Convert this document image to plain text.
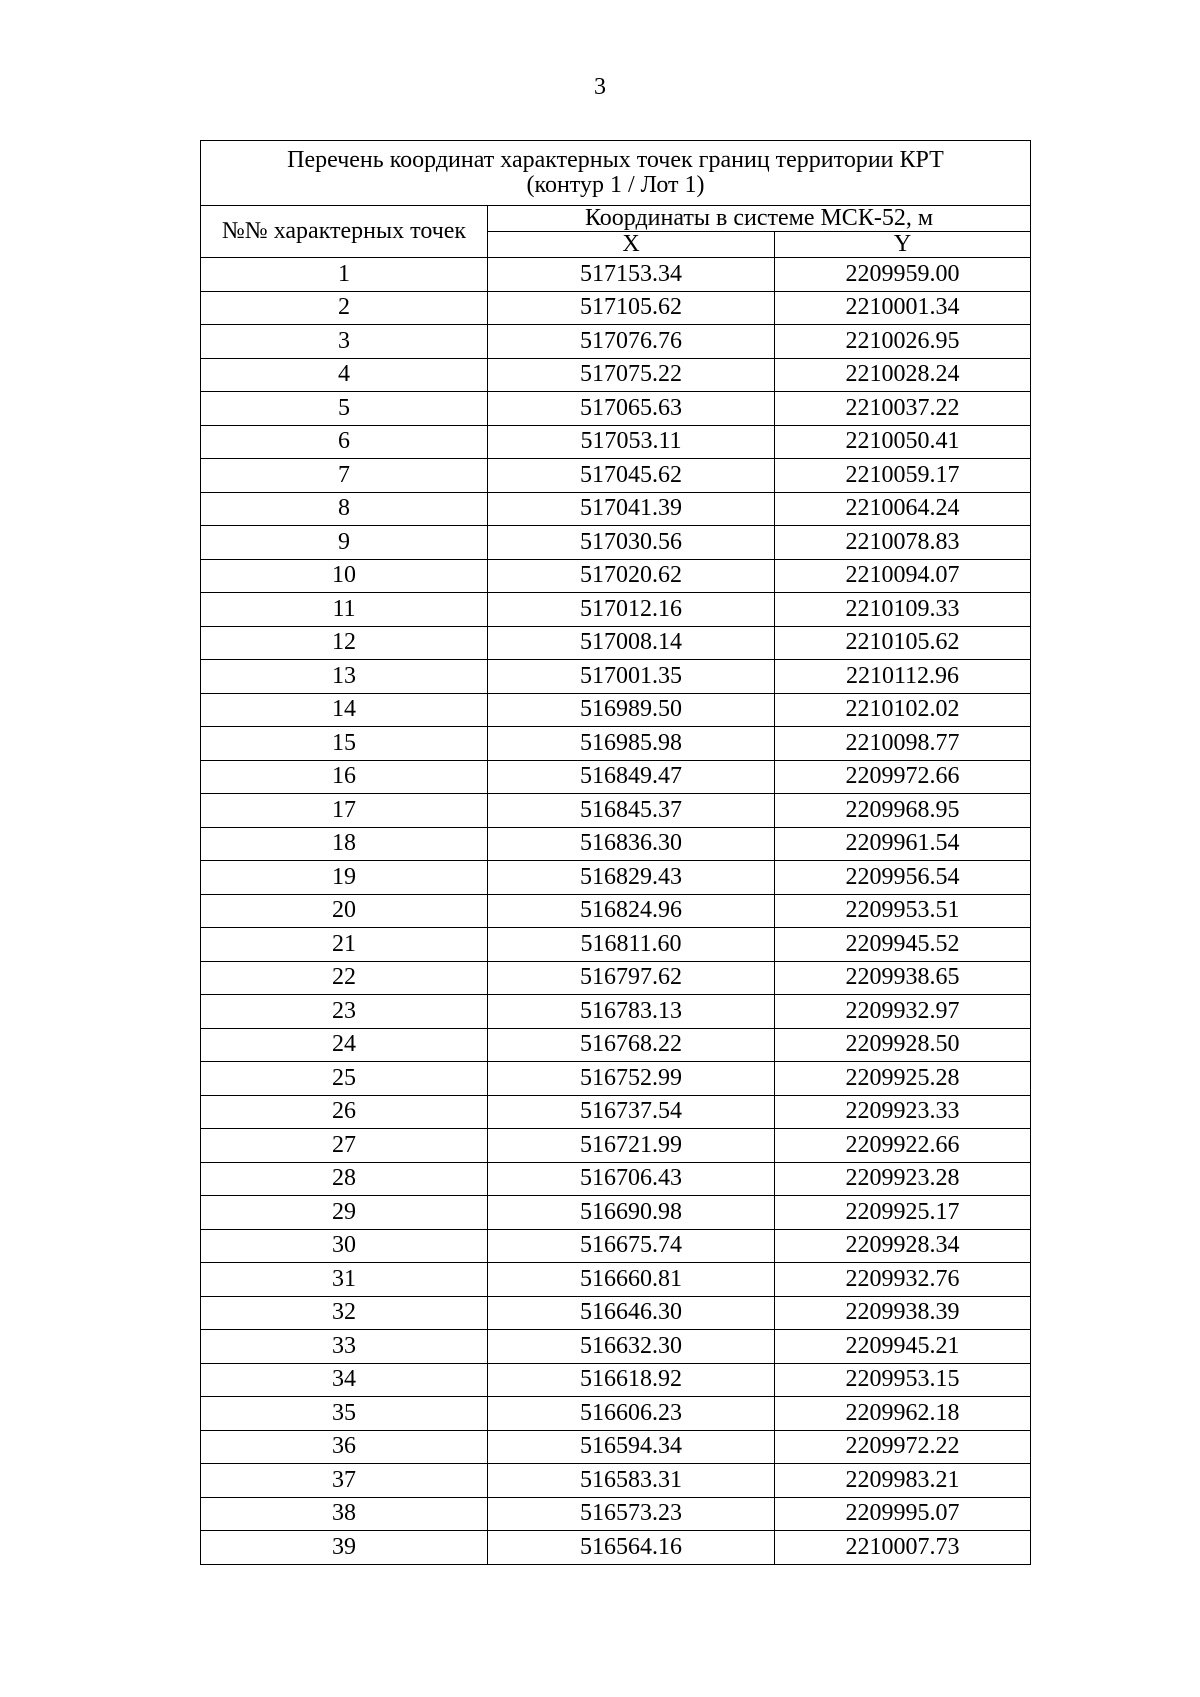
3
Перечень координат характерных точек границ территории КРТ
(контур 1 / Лот 1)		
№№ характерных точек	Координаты в системе МСК-52, м	
	X	Y
1	517153.34	2209959.00
2	517105.62	2210001.34
3	517076.76	2210026.95
4	517075.22	2210028.24
5	517065.63	2210037.22
6	517053.11	2210050.41
7	517045.62	2210059.17
8	517041.39	2210064.24
9	517030.56	2210078.83
10	517020.62	2210094.07
11	517012.16	2210109.33
12	517008.14	2210105.62
13	517001.35	2210112.96
14	516989.50	2210102.02
15	516985.98	2210098.77
16	516849.47	2209972.66
17	516845.37	2209968.95
18	516836.30	2209961.54
19	516829.43	2209956.54
20	516824.96	2209953.51
21	516811.60	2209945.52
22	516797.62	2209938.65
23	516783.13	2209932.97
24	516768.22	2209928.50
25	516752.99	2209925.28
26	516737.54	2209923.33
27	516721.99	2209922.66
28	516706.43	2209923.28
29	516690.98	2209925.17
30	516675.74	2209928.34
31	516660.81	2209932.76
32	516646.30	2209938.39
33	516632.30	2209945.21
34	516618.92	2209953.15
35	516606.23	2209962.18
36	516594.34	2209972.22
37	516583.31	2209983.21
38	516573.23	2209995.07
39	516564.16	2210007.73
